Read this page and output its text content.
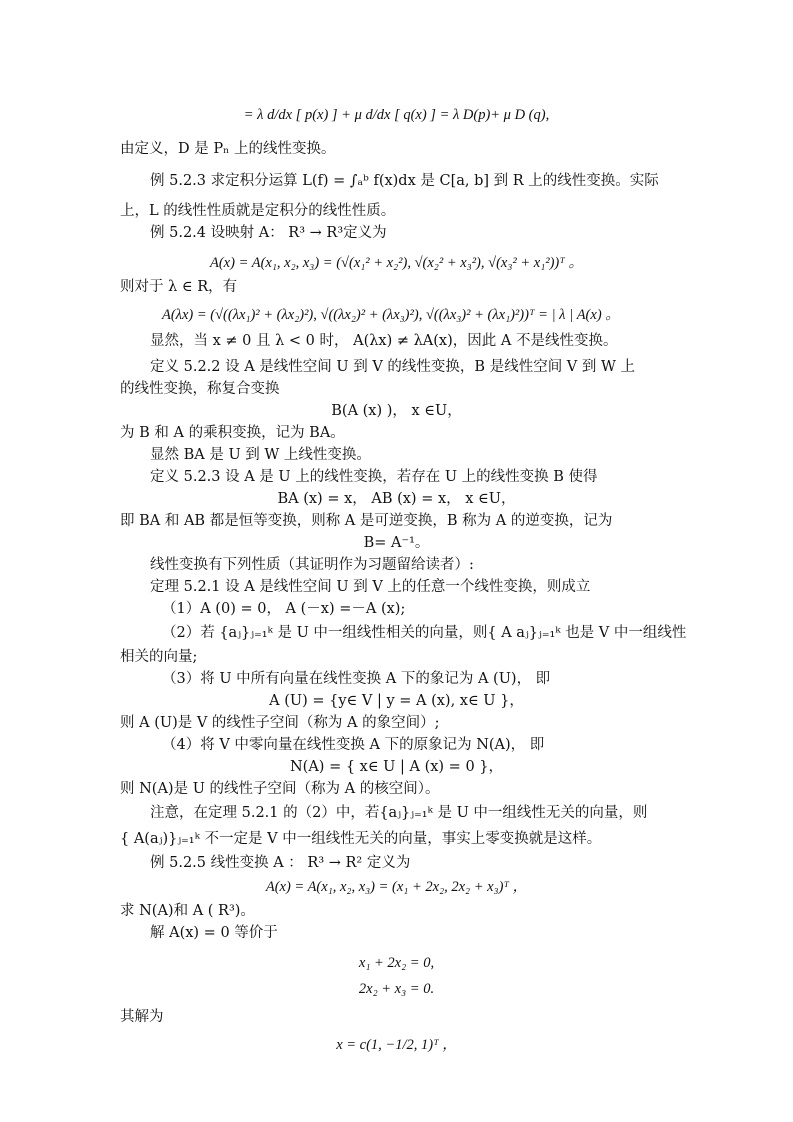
= λ d/dx [ p(x) ] + μ d/dx [ q(x) ] = λ D(p)+ μ D (q),
由定义，D 是 Pₙ 上的线性变换。
例 5.2.3 求定积分运算 L(f) = ∫ₐᵇ f(x)dx 是 C[a, b] 到 R 上的线性变换。实际
上，L 的线性性质就是定积分的线性性质。
例 5.2.4 设映射 A： R³ → R³定义为
A(x) = A(x₁, x₂, x₃) = (√(x₁² + x₂²), √(x₂² + x₃²), √(x₃² + x₁²))ᵀ 。
则对于 λ ∈ R，有
A(λx) = (√((λx₁)² + (λx₂)²), √((λx₂)² + (λx₃)²), √((λx₃)² + (λx₁)²))ᵀ = | λ | A(x) 。
显然，当 x ≠ 0 且 λ < 0 时， A(λx) ≠ λA(x)，因此 A 不是线性变换。
定义 5.2.2 设 A 是线性空间 U 到 V 的线性变换，B 是线性空间 V 到 W 上
的线性变换，称复合变换
B(A (x) )， x ∈U，
为 B 和 A 的乘积变换，记为 BA。
显然 BA 是 U 到 W 上线性变换。
定义 5.2.3 设 A 是 U 上的线性变换，若存在 U 上的线性变换 B 使得
BA (x) = x， AB (x) = x， x ∈U，
即 BA 和 AB 都是恒等变换，则称 A 是可逆变换，B 称为 A 的逆变换，记为
B= A⁻¹。
线性变换有下列性质（其证明作为习题留给读者）:
定理 5.2.1 设 A 是线性空间 U 到 V 上的任意一个线性变换，则成立
（1）A (0) = 0， A (－x) =－A (x);
（2）若 {aⱼ}ⱼ₌₁ᵏ 是 U 中一组线性相关的向量，则{ A aⱼ}ⱼ₌₁ᵏ 也是 V 中一组线性
相关的向量;
（3）将 U 中所有向量在线性变换 A 下的象记为 A (U)， 即
A (U) = {y∈ V | y = A (x), x∈ U }，
则 A (U)是 V 的线性子空间（称为 A 的象空间）;
（4）将 V 中零向量在线性变换 A 下的原象记为 N(A)， 即
N(A) = { x∈ U | A (x) = 0 }，
则 N(A)是 U 的线性子空间（称为 A 的核空间）。
注意，在定理 5.2.1 的（2）中，若{aⱼ}ⱼ₌₁ᵏ 是 U 中一组线性无关的向量，则
{ A(aⱼ)}ⱼ₌₁ᵏ 不一定是 V 中一组线性无关的向量，事实上零变换就是这样。
例 5.2.5 线性变换 A ： R³ → R² 定义为
A(x) = A(x₁, x₂, x₃) = (x₁ + 2x₂, 2x₂ + x₃)ᵀ ，
求 N(A)和 A ( R³)。
解 A(x) = 0 等价于
x₁ + 2x₂ = 0,
2x₂ + x₃ = 0.
其解为
x = c(1, −1/2, 1)ᵀ ，
